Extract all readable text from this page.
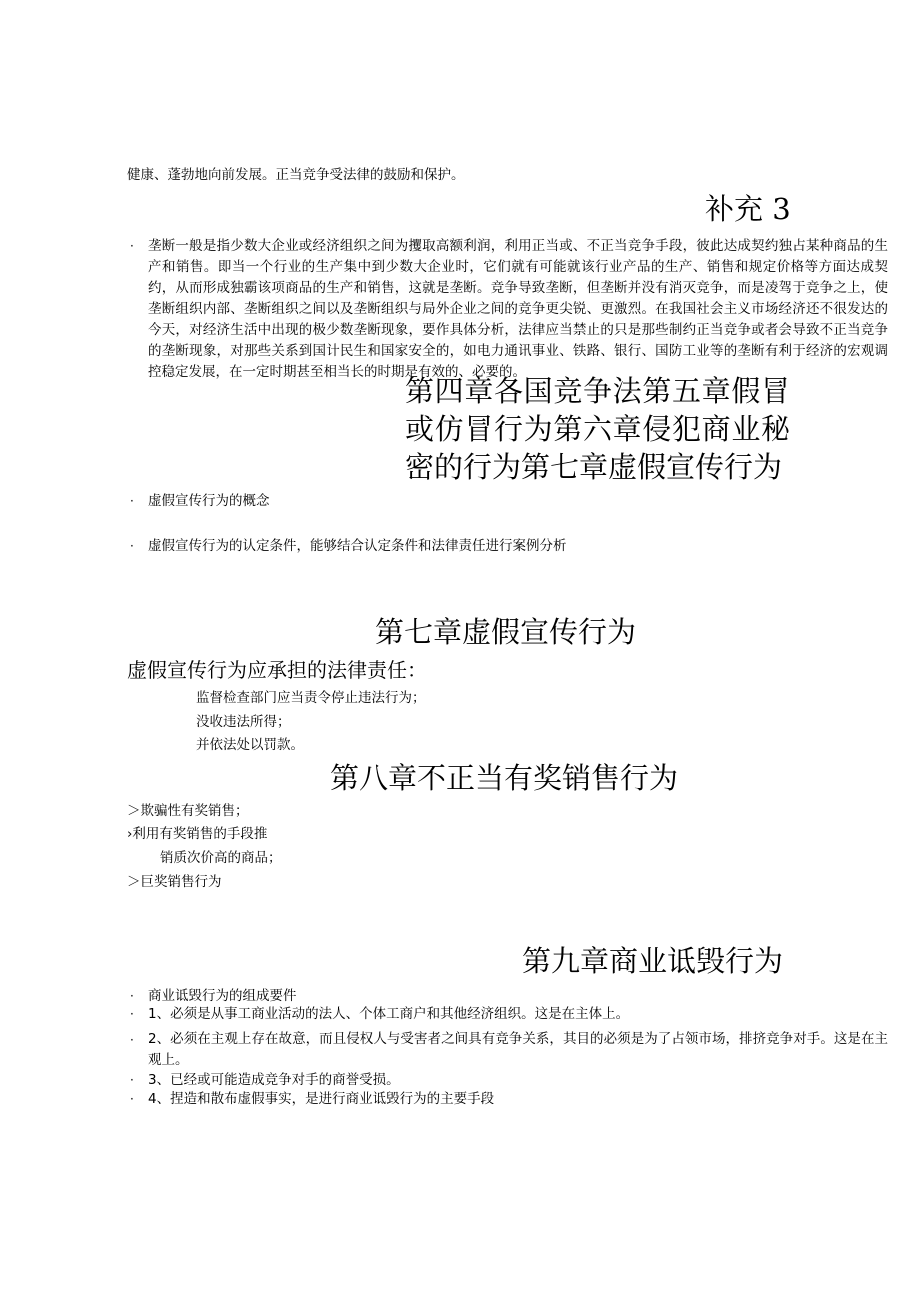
健康、蓬勃地向前发展。正当竞争受法律的鼓励和保护。
补充 3
· 垄断一般是指少数大企业或经济组织之间为攫取高额利润，利用正当或、不正当竞争手段，彼此达成契约独占某种商品的生产和销售。即当一个行业的生产集中到少数大企业时，它们就有可能就该行业产品的生产、销售和规定价格等方面达成契约，从而形成独霸该项商品的生产和销售，这就是垄断。竞争导致垄断，但垄断并没有消灭竞争，而是凌驾于竞争之上，使垄断组织内部、垄断组织之间以及垄断组织与局外企业之间的竞争更尖锐、更激烈。在我国社会主义市场经济还不很发达的今天，对经济生活中出现的极少数垄断现象，要作具体分析，法律应当禁止的只是那些制约正当竞争或者会导致不正当竞争的垄断现象，对那些关系到国计民生和国家安全的，如电力通讯事业、铁路、银行、国防工业等的垄断有利于经济的宏观调控稳定发展，在一定时期甚至相当长的时期是有效的、必要的。
第四章各国竞争法第五章假冒或仿冒行为第六章侵犯商业秘密的行为第七章虚假宣传行为
· 虚假宣传行为的概念
· 虚假宣传行为的认定条件，能够结合认定条件和法律责任进行案例分析
第七章虚假宣传行为
虚假宣传行为应承担的法律责任：
监督检查部门应当责令停止违法行为；
没收违法所得；
并依法处以罚款。
第八章不正当有奖销售行为
＞欺骗性有奖销售；
›利用有奖销售的手段推
销质次价高的商品；
＞巨奖销售行为
第九章商业诋毁行为
· 商业诋毁行为的组成要件
· 1、必须是从事工商业活动的法人、个体工商户和其他经济组织。这是在主体上。
· 2、必须在主观上存在故意，而且侵权人与受害者之间具有竞争关系，其目的必须是为了占领市场，排挤竞争对手。这是在主观上。
· 3、已经或可能造成竞争对手的商誉受损。
· 4、捏造和散布虚假事实，是进行商业诋毁行为的主要手段
